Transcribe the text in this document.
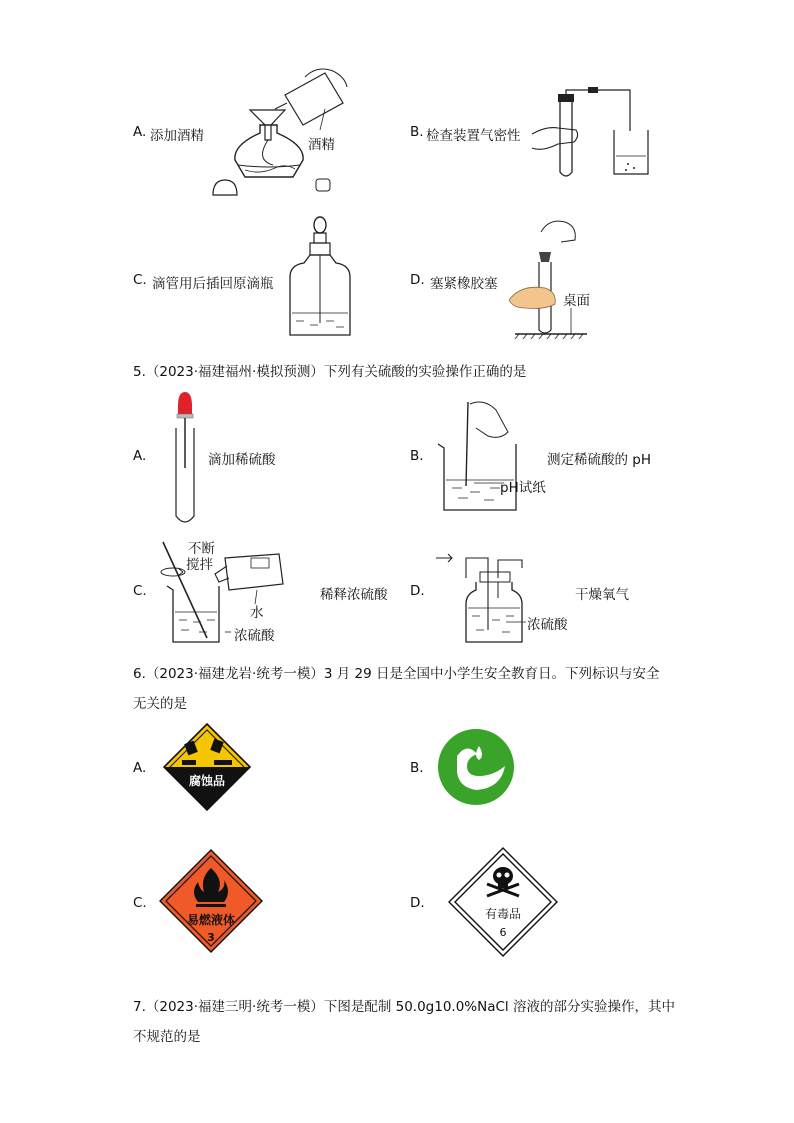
A. 添加酒精
酒精
B. 检查装置气密性
C. 滴管用后插回原滴瓶	D. 塞紧橡胶塞
桌面
5.（2023·福建福州·模拟预测）下列有关硫酸的实验操作正确的是
A.	滴加稀硫酸	B.
pH试纸
测定稀硫酸的 pH
C.
不断
搅拌
水
浓硫酸
稀释浓硫酸 D.
浓硫酸
干燥氧气
6.（2023·福建龙岩·统考一模）3 月 29 日是全国中小学生安全教育日。下列标识与安全
无关的是
A.
腐蚀品
B.
C.
易燃液体
3
D.
有毒品
6
7.（2023·福建三明·统考一模）下图是配制 50.0g10.0%NaCl 溶液的部分实验操作，其中
不规范的是
